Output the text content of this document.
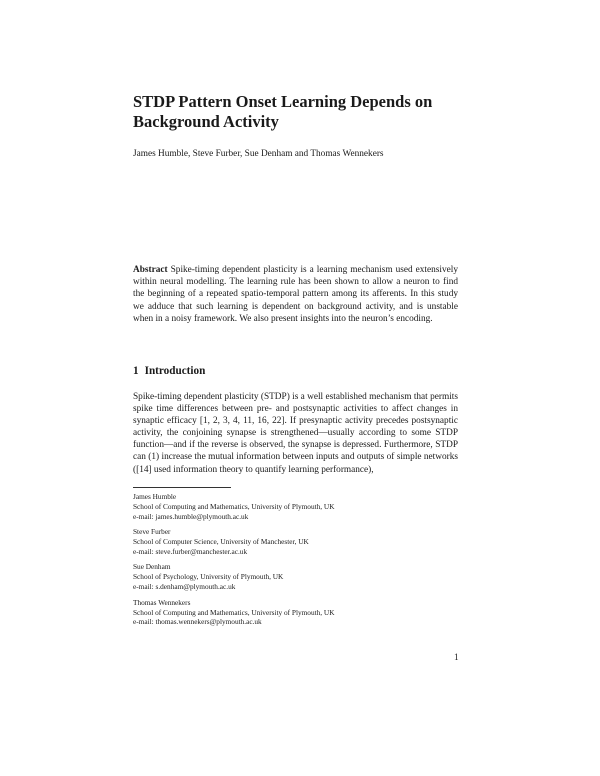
STDP Pattern Onset Learning Depends on Background Activity
James Humble, Steve Furber, Sue Denham and Thomas Wennekers

Abstract Spike-timing dependent plasticity is a learning mechanism used extensively within neural modelling. The learning rule has been shown to allow a neuron to find the beginning of a repeated spatio-temporal pattern among its afferents. In this study we adduce that such learning is dependent on background activity, and is unstable when in a noisy framework. We also present insights into the neuron’s encoding.

1 Introduction

Spike-timing dependent plasticity (STDP) is a well established mechanism that permits spike time differences between pre- and postsynaptic activities to affect changes in synaptic efficacy [1, 2, 3, 4, 11, 16, 22]. If presynaptic activity precedes postsynaptic activity, the conjoining synapse is strengthened—usually according to some STDP function—and if the reverse is observed, the synapse is depressed. Furthermore, STDP can (1) increase the mutual information between inputs and outputs of simple networks ([14] used information theory to quantify learning performance),

James Humble
School of Computing and Mathematics, University of Plymouth, UK
e-mail: james.humble@plymouth.ac.uk
Steve Furber
School of Computer Science, University of Manchester, UK
e-mail: steve.furber@manchester.ac.uk
Sue Denham
School of Psychology, University of Plymouth, UK
e-mail: s.denham@plymouth.ac.uk
Thomas Wennekers
School of Computing and Mathematics, University of Plymouth, UK
e-mail: thomas.wennekers@plymouth.ac.uk
1
